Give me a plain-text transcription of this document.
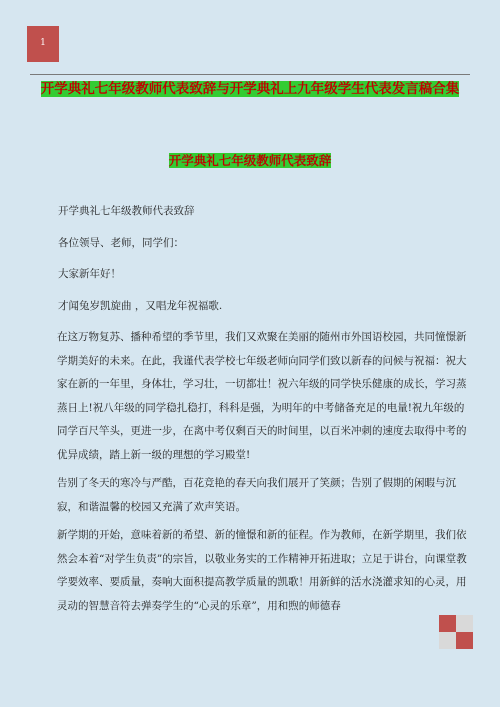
1
开学典礼七年级教师代表致辞与开学典礼上九年级学生代表发言稿合集
开学典礼七年级教师代表致辞

开学典礼七年级教师代表致辞

各位领导、老师，同学们：

大家新年好！

才闻兔岁凯旋曲 ，又唱龙年祝福歌.

在这万物复苏、播种希望的季节里，我们又欢聚在美丽的随州市外国语校园，共同憧憬新学期美好的未来。在此，我谨代表学校七年级老师向同学们致以新春的问候与祝福：祝大家在新的一年里，身体壮，学习壮，一切都壮！祝六年级的同学快乐健康的成长，学习蒸蒸日上!祝八年级的同学稳扎稳打，科科是强，为明年的中考储备充足的电量!祝九年级的同学百尺竿头，更进一步，在离中考仅剩百天的时间里，以百米冲刺的速度去取得中考的优异成绩，踏上新一级的理想的学习殿堂!

告别了冬天的寒冷与严酷，百花竞艳的春天向我们展开了笑颜；告别了假期的闲暇与沉寂，和谐温馨的校园又充满了欢声笑语。

新学期的开始，意味着新的希望、新的憧憬和新的征程。作为教师，在新学期里，我们依然会本着“对学生负责”的宗旨，以敬业务实的工作精神开拓进取；立足于讲台，向课堂教学要效率、要质量，奏响大面积提高教学质量的凯歌！用新鲜的活水浇灌求知的心灵，用灵动的智慧音符去弹奏学生的“心灵的乐章”，用和煦的师德春
